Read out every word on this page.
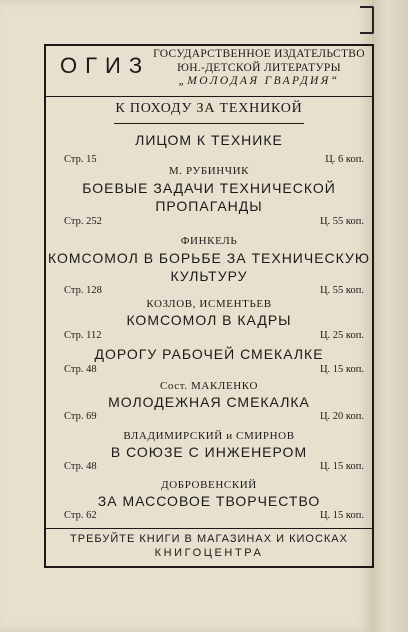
ОГИЗ ГОСУДАРСТВЕННОЕ ИЗДАТЕЛЬСТВО
ЮН.-ДЕТСКОЙ ЛИТЕРАТУРЫ
„МОЛОДАЯ ГВАРДИЯ“
К ПОХОДУ ЗА ТЕХНИКОЙ
ЛИЦОМ К ТЕХНИКЕ
Стр. 15	Ц. 6 коп.
М. РУБИНЧИК
БОЕВЫЕ ЗАДАЧИ ТЕХНИЧЕСКОЙ
ПРОПАГАНДЫ
Стр. 252	Ц. 55 коп.
ФИНКЕЛЬ
КОМСОМОЛ В БОРЬБЕ ЗА ТЕХНИЧЕСКУЮ
КУЛЬТУРУ
Стр. 128	Ц. 55 коп.
КОЗЛОВ, ИСМЕНТЬЕВ
КОМСОМОЛ В КАДРЫ
Стр. 112	Ц. 25 коп.
ДОРОГУ РАБОЧЕЙ СМЕКАЛКЕ
Стр. 48	Ц. 15 коп.
Сост. МАКЛЕНКО
МОЛОДЕЖНАЯ СМЕКАЛКА
Стр. 69	Ц. 20 коп.
ВЛАДИМИРСКИЙ и СМИРНОВ
В СОЮЗЕ С ИНЖЕНЕРОМ
Стр. 48	Ц. 15 коп.
ДОБРОВЕНСКИЙ
ЗА МАССОВОЕ ТВОРЧЕСТВО
Стр. 62	Ц. 15 коп.
ТРЕБУЙТЕ КНИГИ В МАГАЗИНАХ И КИОСКАХ
КНИГОЦЕНТРА
